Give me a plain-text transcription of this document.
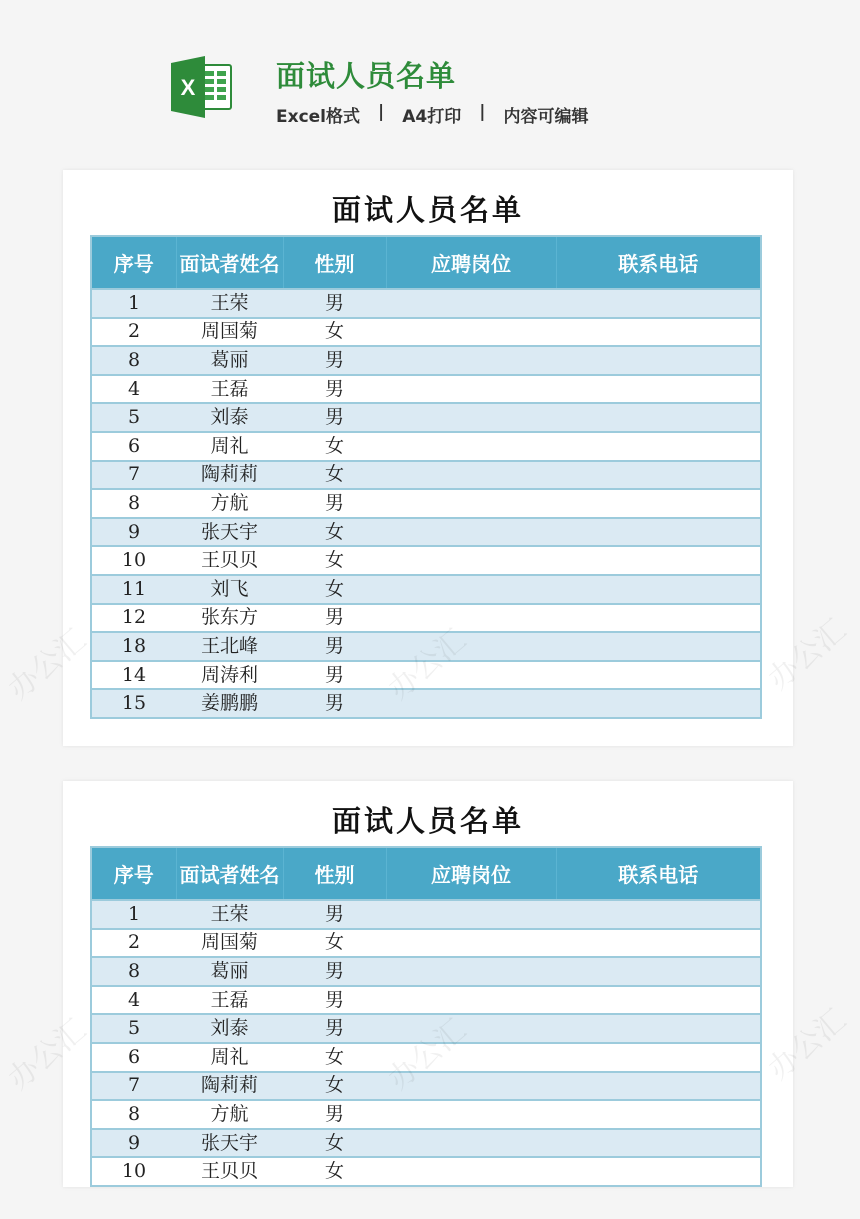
X	面试人员名单
Excel格式 | A4打印 | 内容可编辑
面试人员名单
序号	面试者姓名	性别	应聘岗位	联系电话
1	王荣	男		
2	周国菊	女		
8	葛丽	男		
4	王磊	男		
5	刘泰	男		
6	周礼	女		
7	陶莉莉	女		
8	方航	男		
9	张天宇	女		
10	王贝贝	女		
11	刘飞	女		
12	张东方	男		
18	王北峰	男		
14	周涛利	男		
15	姜鹏鹏	男		
面试人员名单
序号	面试者姓名	性别	应聘岗位	联系电话
1	王荣	男		
2	周国菊	女		
8	葛丽	男		
4	王磊	男		
5	刘泰	男		
6	周礼	女		
7	陶莉莉	女		
8	方航	男		
9	张天宇	女		
10	王贝贝	女		
办公汇	办公汇
办公汇	办公汇
